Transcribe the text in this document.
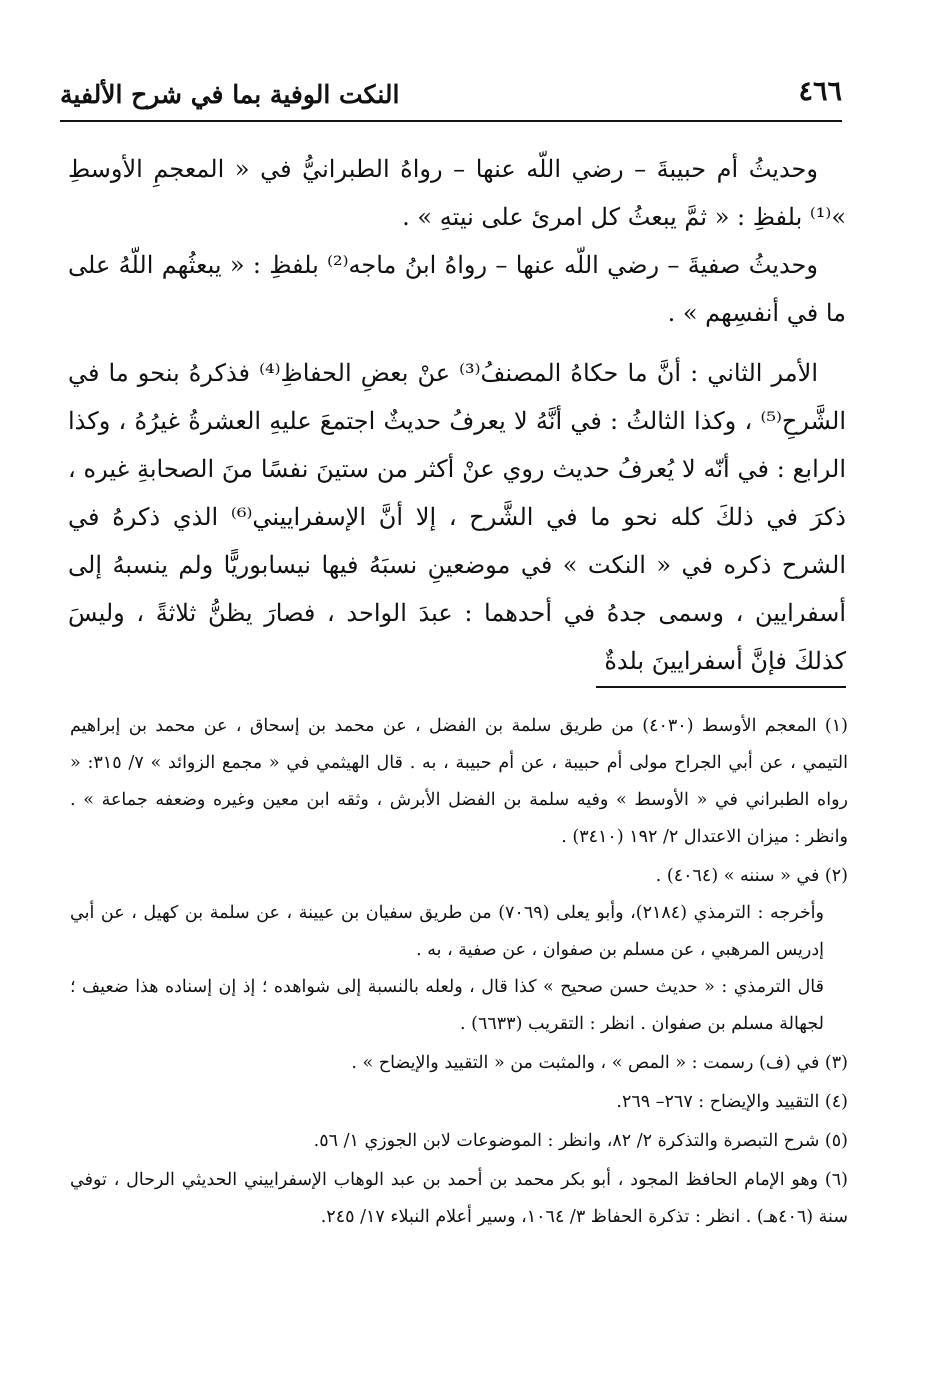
النكت الوفية بما في شرح الألفية	٤٦٦

وحديثُ أم حبيبةَ – رضي اللّه عنها – رواهُ الطبرانيُّ في « المعجمِ الأوسطِ »⁽¹⁾ بلفظِ : « ثمَّ يبعثُ كل امرئ على نيتهِ » .

وحديثُ صفيةَ – رضي اللّه عنها – رواهُ ابنُ ماجه⁽²⁾ بلفظِ : « يبعثُهم اللّهُ على ما في أنفسِهم » .

الأمر الثاني : أنَّ ما حكاهُ المصنفُ⁽³⁾ عنْ بعضِ الحفاظِ⁽⁴⁾ فذكرهُ بنحو ما في الشَّرحِ⁽⁵⁾ ، وكذا الثالثُ : في أنَّهُ لا يعرفُ حديثٌ اجتمعَ عليهِ العشرةُ غيرُهُ ، وكذا الرابع : في أنّه لا يُعرفُ حديث روي عنْ أكثر من ستينَ نفسًا منَ الصحابةِ غيره ، ذكرَ في ذلكَ كله نحو ما في الشَّرح ، إلا أنَّ الإسفراييني⁽⁶⁾ الذي ذكرهُ في الشرح ذكره في « النكت » في موضعينِ نسبَهُ فيها نيسابوريًّا ولم ينسبهُ إلى أسفرايين ، وسمى جدهُ في أحدهما : عبدَ الواحد ، فصارَ يظنُّ ثلاثةً ، وليسَ كذلكَ فإنَّ أسفرايينَ بلدةٌ

(١) المعجم الأوسط (٤٠٣٠) من طريق سلمة بن الفضل ، عن محمد بن إسحاق ، عن محمد بن إبراهيم التيمي ، عن أبي الجراح مولى أم حبيبة ، عن أم حبيبة ، به . قال الهيثمي في « مجمع الزوائد » ٧/ ٣١٥: « رواه الطبراني في « الأوسط » وفيه سلمة بن الفضل الأبرش ، وثقه ابن معين وغيره وضعفه جماعة » . وانظر : ميزان الاعتدال ٢/ ١٩٢ (٣٤١٠) .

(٢) في « سننه » (٤٠٦٤) .

وأخرجه : الترمذي (٢١٨٤)، وأبو يعلى (٧٠٦٩) من طريق سفيان بن عيينة ، عن سلمة بن كهيل ، عن أبي إدريس المرهبي ، عن مسلم بن صفوان ، عن صفية ، به .

قال الترمذي : « حديث حسن صحيح » كذا قال ، ولعله بالنسبة إلى شواهده ؛ إذ إن إسناده هذا ضعيف ؛ لجهالة مسلم بن صفوان . انظر : التقريب (٦٦٣٣) .

(٣) في (ف) رسمت : « المص » ، والمثبت من « التقييد والإيضاح » .

(٤) التقييد والإيضاح : ٢٦٧– ٢٦٩.

(٥) شرح التبصرة والتذكرة ٢/ ٨٢، وانظر : الموضوعات لابن الجوزي ١/ ٥٦.

(٦) وهو الإمام الحافظ المجود ، أبو بكر محمد بن أحمد بن عبد الوهاب الإسفراييني الحديثي الرحال ، توفي سنة (٤٠٦هـ) . انظر : تذكرة الحفاظ ٣/ ١٠٦٤، وسير أعلام النبلاء ١٧/ ٢٤٥.
